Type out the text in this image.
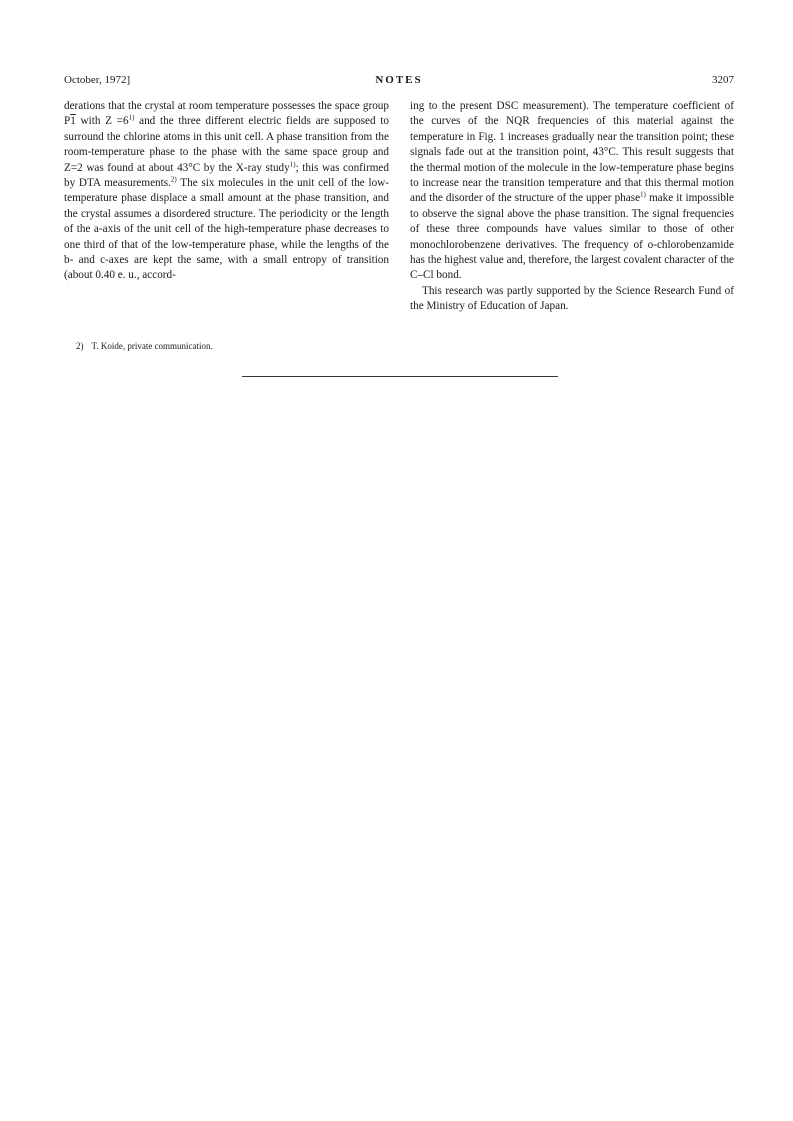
October, 1972]	NOTES	3207

derations that the crystal at room temperature possesses the space group P1 with $Z =6^{1)}$ and the three different electric fields are supposed to surround the chlorine atoms in this unit cell. A phase transition from the room-temperature phase to the phase with the same space group and Z=2 was found at about 43°C by the X-ray study$^{1)}$; this was confirmed by DTA measurements.$^{2)}$ The six molecules in the unit cell of the low-temperature phase displace a small amount at the phase transition, and the crystal assumes a disordered structure. The periodicity or the length of the a-axis of the unit cell of the high-temperature phase decreases to one third of that of the low-temperature phase, while the lengths of the b- and c-axes are kept the same, with a small entropy of transition (about 0.40 e. u., accord-

2) T. Koide, private communication.

ing to the present DSC measurement). The temperature coefficient of the curves of the NQR frequencies of this material against the temperature in Fig. 1 increases gradually near the transition point; these signals fade out at the transition point, 43°C. This result suggests that the thermal motion of the molecule in the low-temperature phase begins to increase near the transition temperature and that this thermal motion and the disorder of the structure of the upper phase$^{1)}$ make it impossible to observe the signal above the phase transition. The signal frequencies of these three compounds have values similar to those of other monochlorobenzene derivatives. The frequency of o-chlorobenzamide has the highest value and, therefore, the largest covalent character of the C–Cl bond.

This research was partly supported by the Science Research Fund of the Ministry of Education of Japan.
